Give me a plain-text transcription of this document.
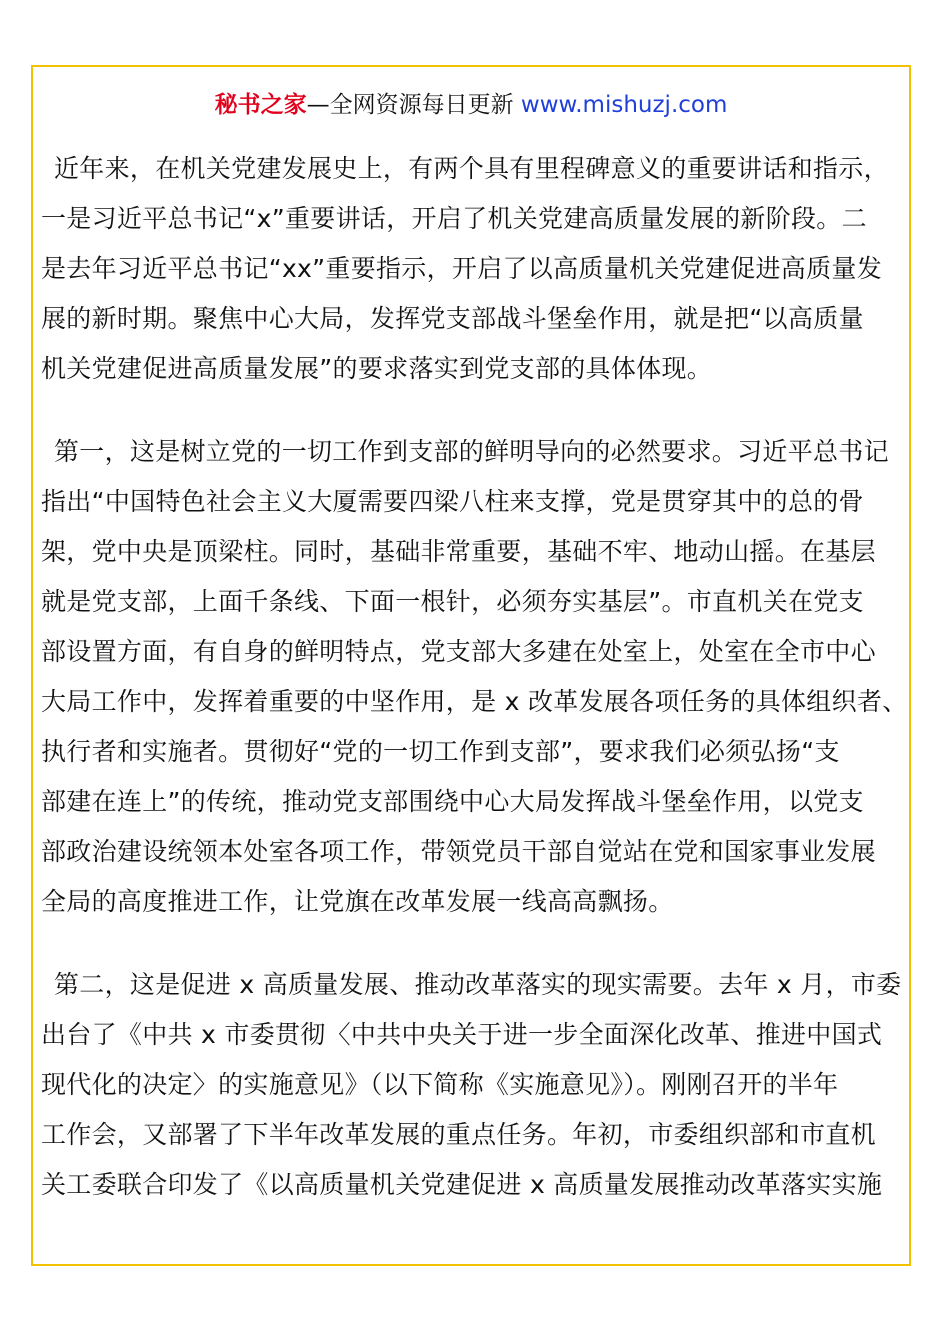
秘书之家—全网资源每日更新 www.mishuzj.com
近年来，在机关党建发展史上，有两个具有里程碑意义的重要讲话和指示，
一是习近平总书记“x”重要讲话，开启了机关党建高质量发展的新阶段。二
是去年习近平总书记“xx”重要指示，开启了以高质量机关党建促进高质量发
展的新时期。聚焦中心大局，发挥党支部战斗堡垒作用，就是把“以高质量
机关党建促进高质量发展”的要求落实到党支部的具体体现。
第一，这是树立党的一切工作到支部的鲜明导向的必然要求。习近平总书记
指出“中国特色社会主义大厦需要四梁八柱来支撑，党是贯穿其中的总的骨
架，党中央是顶梁柱。同时，基础非常重要，基础不牢、地动山摇。在基层
就是党支部，上面千条线、下面一根针，必须夯实基层”。市直机关在党支
部设置方面，有自身的鲜明特点，党支部大多建在处室上，处室在全市中心
大局工作中，发挥着重要的中坚作用，是 x 改革发展各项任务的具体组织者、
执行者和实施者。贯彻好“党的一切工作到支部”，要求我们必须弘扬“支
部建在连上”的传统，推动党支部围绕中心大局发挥战斗堡垒作用，以党支
部政治建设统领本处室各项工作，带领党员干部自觉站在党和国家事业发展
全局的高度推进工作，让党旗在改革发展一线高高飘扬。
第二，这是促进 x 高质量发展、推动改革落实的现实需要。去年 x 月，市委
出台了《中共 x 市委贯彻〈中共中央关于进一步全面深化改革、推进中国式
现代化的决定〉的实施意见》（以下简称《实施意见》）。刚刚召开的半年
工作会，又部署了下半年改革发展的重点任务。年初，市委组织部和市直机
关工委联合印发了《以高质量机关党建促进 x 高质量发展推动改革落实实施
